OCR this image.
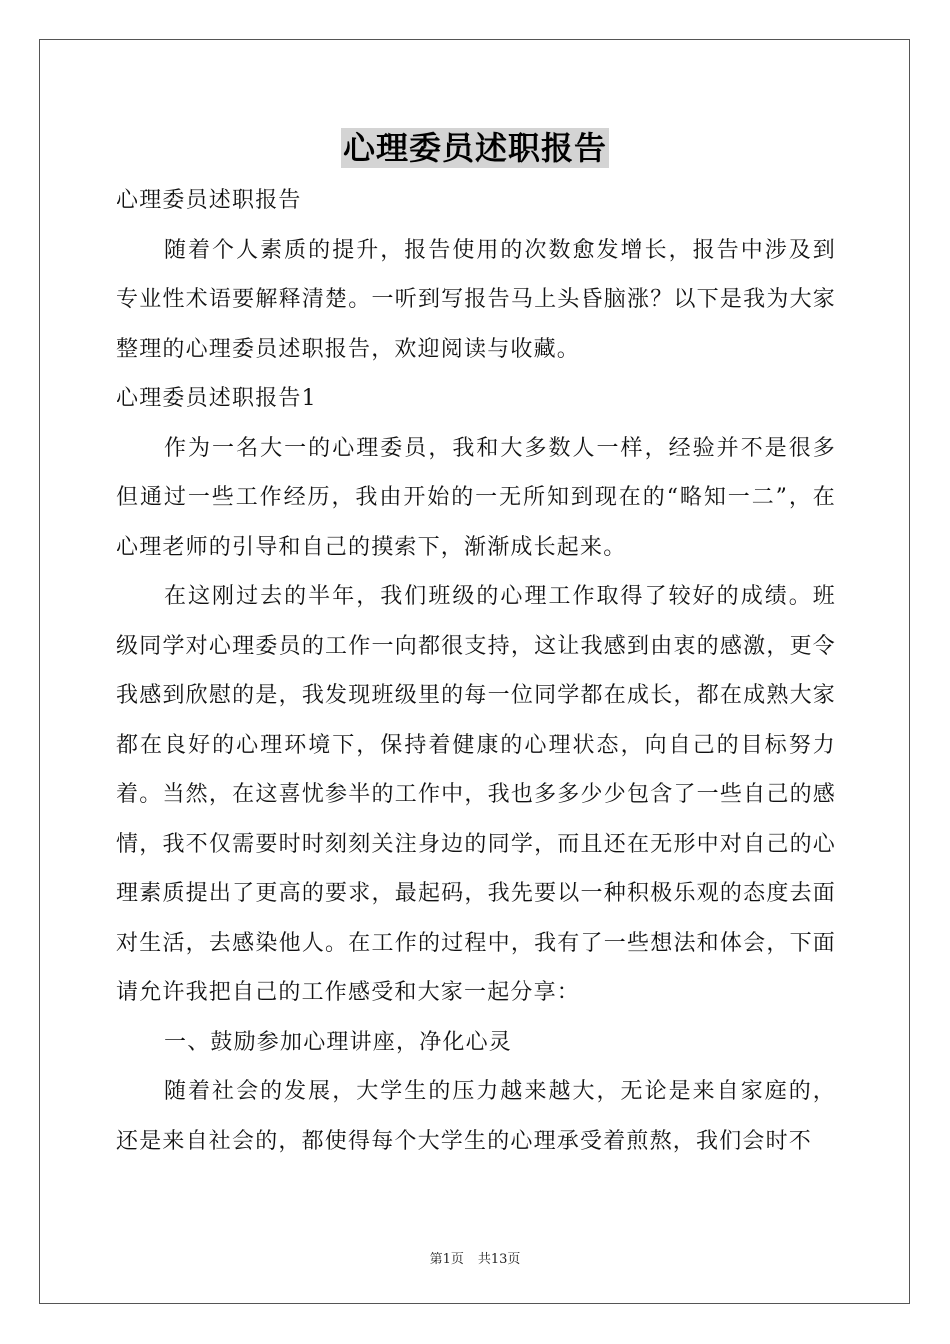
心理委员述职报告

心理委员述职报告

随着个人素质的提升，报告使用的次数愈发增长，报告中涉及到专业性术语要解释清楚。一听到写报告马上头昏脑涨？以下是我为大家整理的心理委员述职报告，欢迎阅读与收藏。

心理委员述职报告1

作为一名大一的心理委员，我和大多数人一样，经验并不是很多但通过一些工作经历，我由开始的一无所知到现在的“略知一二”，在心理老师的引导和自己的摸索下，渐渐成长起来。

在这刚过去的半年，我们班级的心理工作取得了较好的成绩。班级同学对心理委员的工作一向都很支持，这让我感到由衷的感激，更令我感到欣慰的是，我发现班级里的每一位同学都在成长，都在成熟大家都在良好的心理环境下，保持着健康的心理状态，向自己的目标努力着。当然，在这喜忧参半的工作中，我也多多少少包含了一些自己的感情，我不仅需要时时刻刻关注身边的同学，而且还在无形中对自己的心理素质提出了更高的要求，最起码，我先要以一种积极乐观的态度去面对生活，去感染他人。在工作的过程中，我有了一些想法和体会，下面请允许我把自己的工作感受和大家一起分享：

一、鼓励参加心理讲座，净化心灵

随着社会的发展，大学生的压力越来越大，无论是来自家庭的，还是来自社会的，都使得每个大学生的心理承受着煎熬，我们会时不

第1页 共13页
